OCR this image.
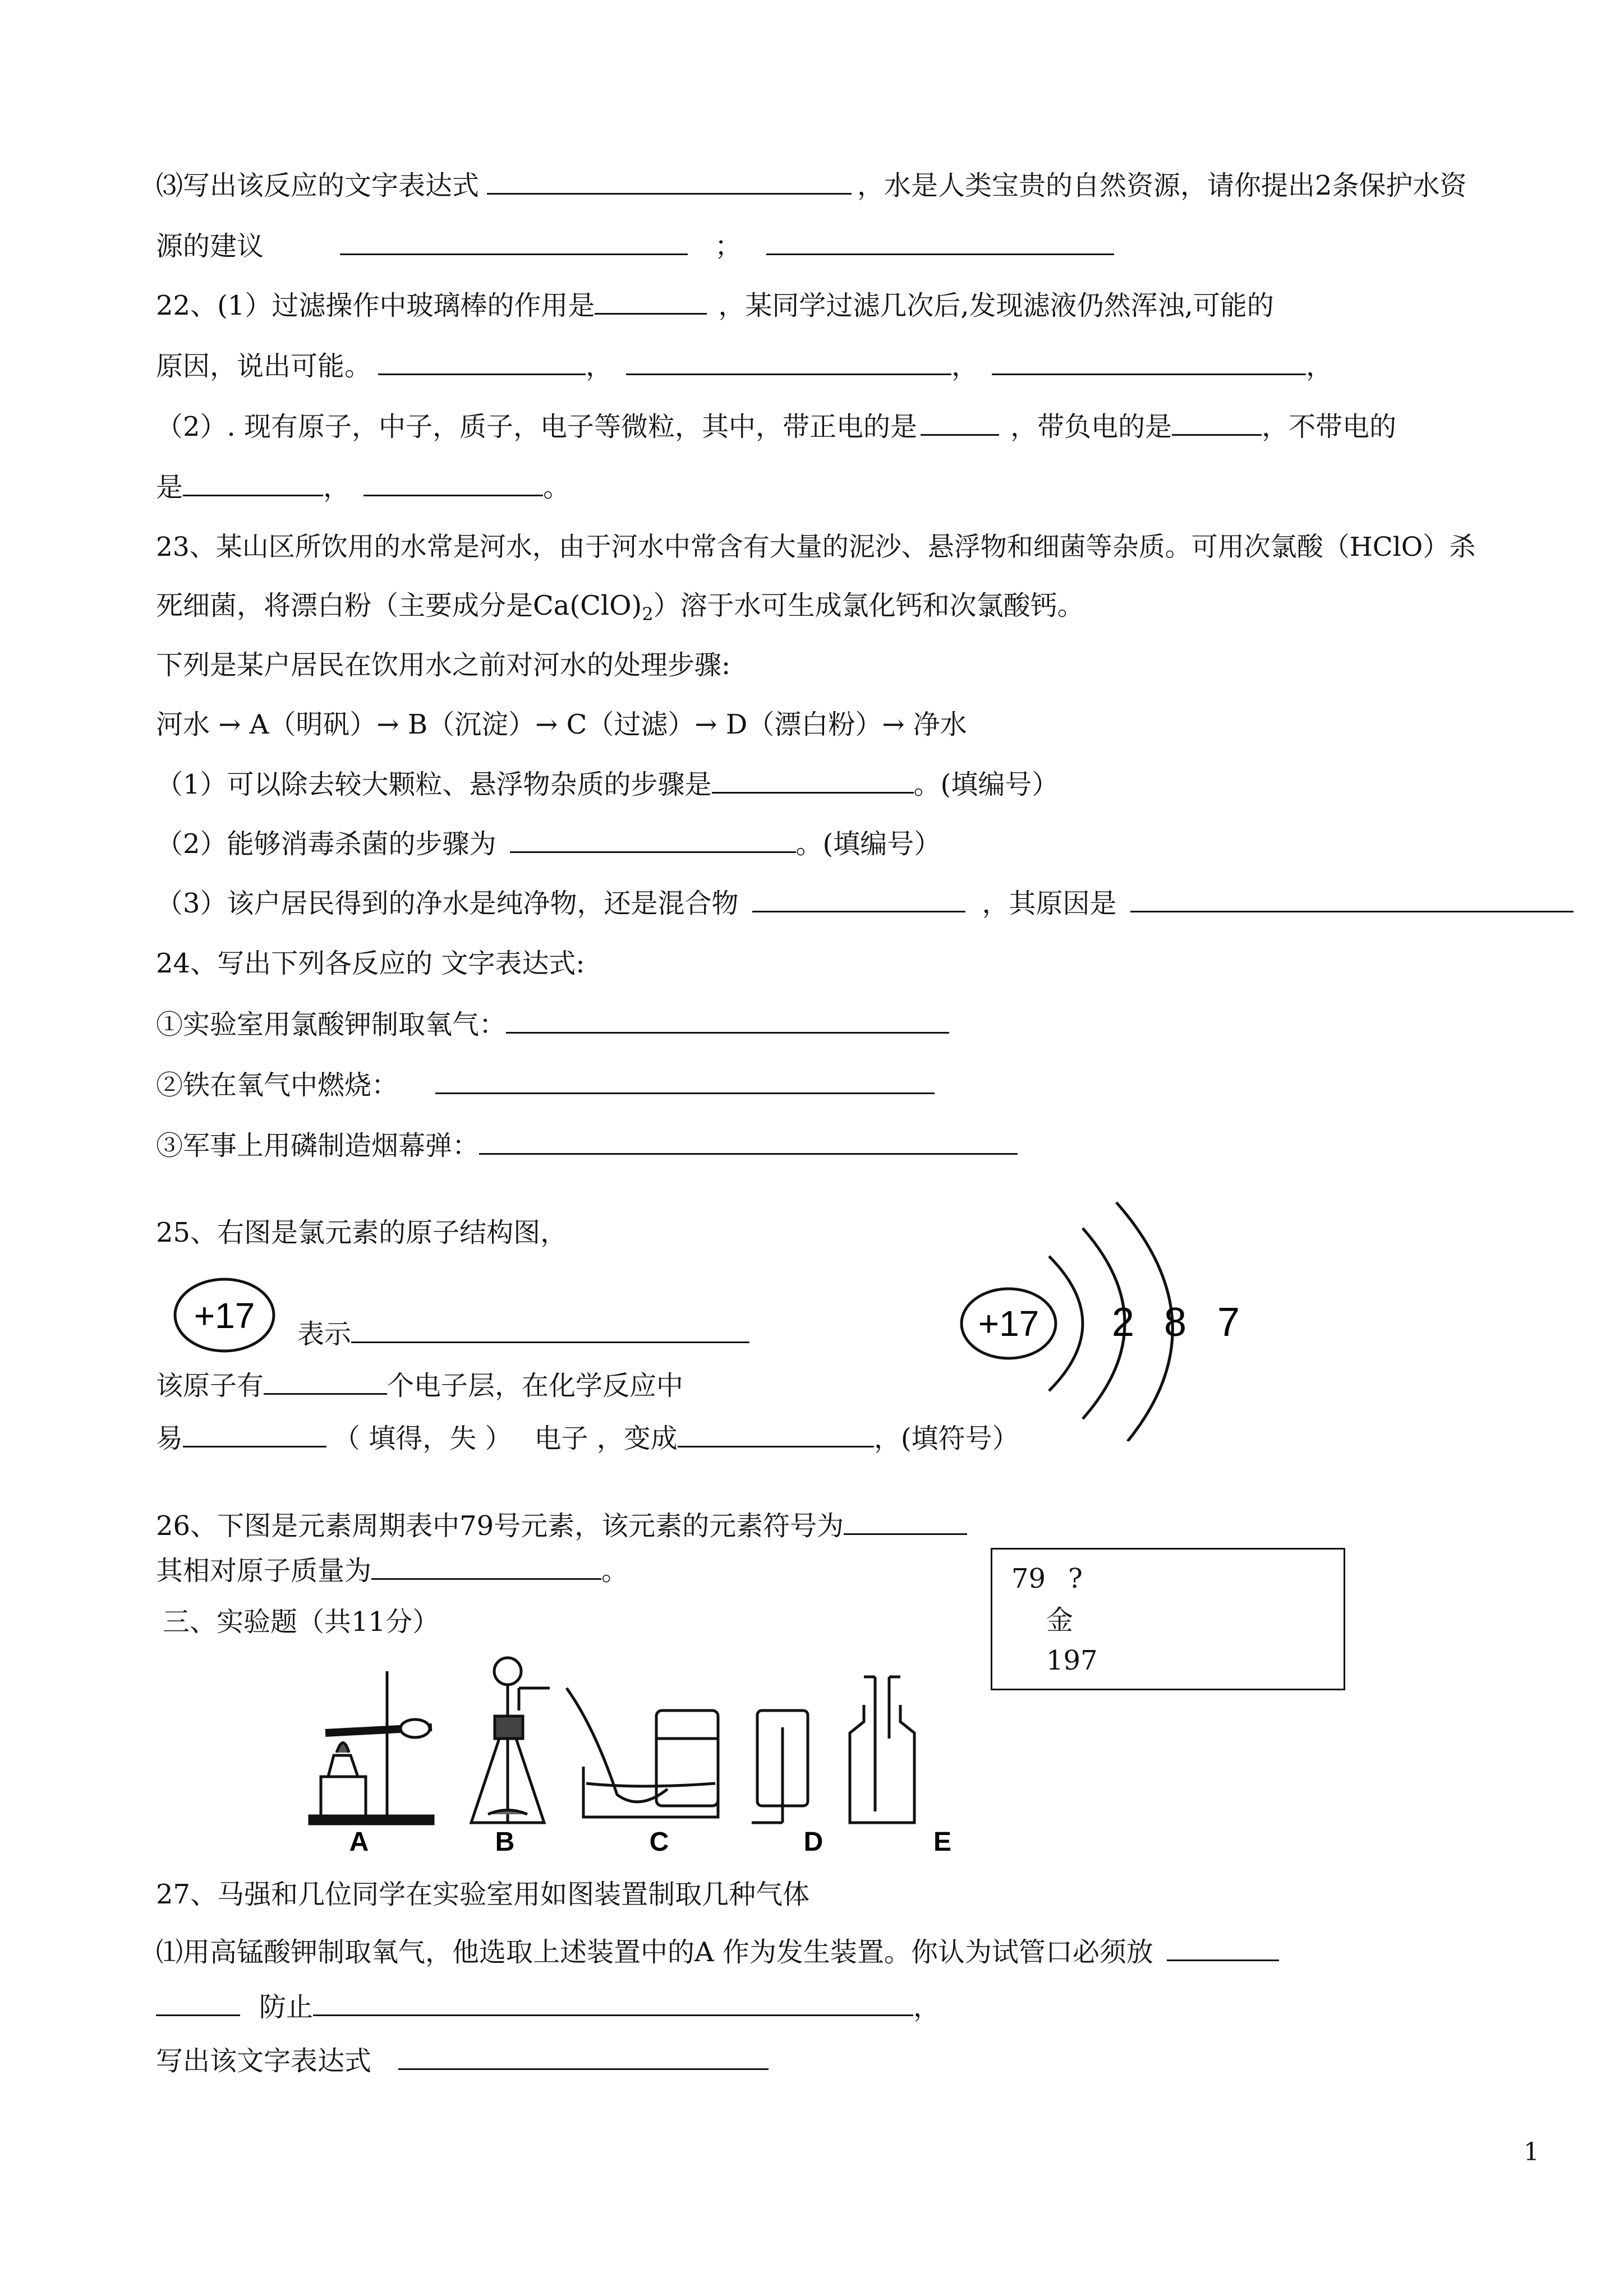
⑶写出该反应的文字表达式	，水是人类宝贵的自然资源，请你提出2条保护水资
源的建议	；
22、(1）过滤操作中玻璃棒的作用是	，某同学过滤几次后,发现滤液仍然浑浊,可能的
原因，说出可能。	，	，	，
（2）. 现有原子，中子，质子，电子等微粒，其中，带正电的是	，带负电的是	，不带电的
是	，	。
23、某山区所饮用的水常是河水，由于河水中常含有大量的泥沙、悬浮物和细菌等杂质。可用次氯酸（HClO）杀
死细菌，将漂白粉（主要成分是$Ca(ClO)_2$）溶于水可生成氯化钙和次氯酸钙。
下列是某户居民在饮用水之前对河水的处理步骤:
河水 → A（明矾）→ B（沉淀）→ C（过滤）→ D（漂白粉）→ 净水
（1）可以除去较大颗粒、悬浮物杂质的步骤是	。(填编号）
（2）能够消毒杀菌的步骤为	。(填编号）
（3）该户居民得到的净水是纯净物，还是混合物	，其原因是
24、写出下列各反应的 文字表达式:
①实验室用氯酸钾制取氧气：
②铁在氧气中燃烧：
③军事上用磷制造烟幕弹：
25、右图是氯元素的原子结构图，
+17 表示
该原子有	个电子层，在化学反应中
易	（ 填得，失 ） 电子 ，变成	，(填符号）
+17 2 8 7
26、下图是元素周期表中79号元素，该元素的元素符号为
其相对原子质量为	。	79 ?
金
197
三、实验题（共11分）
A	B	C	D	E
27、马强和几位同学在实验室用如图装置制取几种气体
⑴用高锰酸钾制取氧气，他选取上述装置中的A 作为发生装置。你认为试管口必须放
防止	，
写出该文字表达式
1
